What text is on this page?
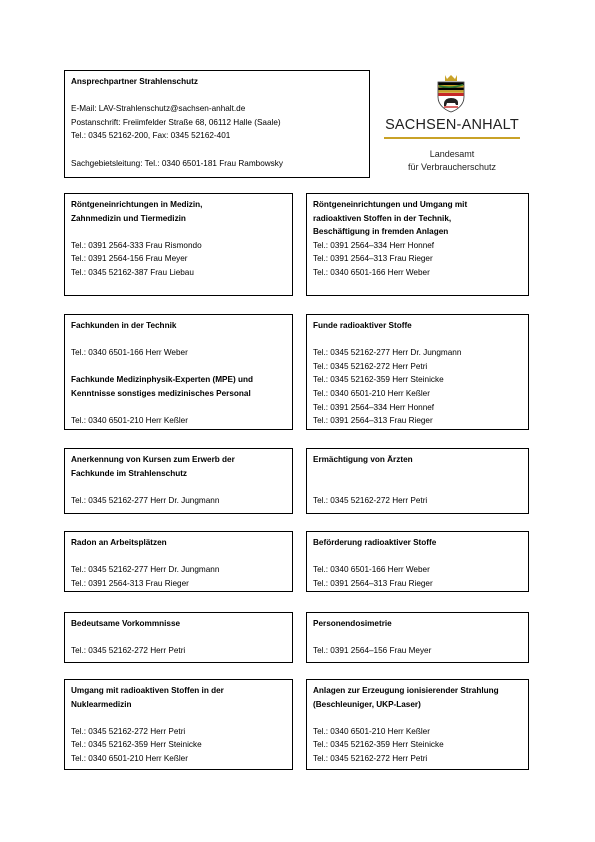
Ansprechpartner Strahlenschutz
E-Mail: LAV-Strahlenschutz@sachsen-anhalt.de
Postanschrift: Freiimfelder Straße 68, 06112 Halle (Saale)
Tel.: 0345 52162-200, Fax: 0345 52162-401
Sachgebietsleitung: Tel.: 0340 6501-181 Frau Rambowsky
SACHSEN-ANHALT
Landesamt
für Verbraucherschutz
Röntgeneinrichtungen in Medizin,
Zahnmedizin und Tiermedizin
Tel.: 0391 2564-333 Frau Rismondo
Tel.: 0391 2564-156 Frau Meyer
Tel.: 0345 52162-387 Frau Liebau
Röntgeneinrichtungen und Umgang mit
radioaktiven Stoffen in der Technik,
Beschäftigung in fremden Anlagen
Tel.: 0391 2564–334 Herr Honnef
Tel.: 0391 2564–313 Frau Rieger
Tel.: 0340 6501-166 Herr Weber
Fachkunden in der Technik
Tel.: 0340 6501-166 Herr Weber
Fachkunde Medizinphysik-Experten (MPE) und
Kenntnisse sonstiges medizinisches Personal
Tel.: 0340 6501-210 Herr Keßler
Funde radioaktiver Stoffe
Tel.: 0345 52162-277 Herr Dr. Jungmann
Tel.: 0345 52162-272 Herr Petri
Tel.: 0345 52162-359 Herr Steinicke
Tel.: 0340 6501-210 Herr Keßler
Tel.: 0391 2564–334 Herr Honnef
Tel.: 0391 2564–313 Frau Rieger
Anerkennung von Kursen zum Erwerb der
Fachkunde im Strahlenschutz
Tel.: 0345 52162-277 Herr Dr. Jungmann
Ermächtigung von Ärzten
Tel.: 0345 52162-272 Herr Petri
Radon an Arbeitsplätzen
Tel.: 0345 52162-277 Herr Dr. Jungmann
Tel.: 0391 2564-313 Frau Rieger
Beförderung radioaktiver Stoffe
Tel.: 0340 6501-166 Herr Weber
Tel.: 0391 2564–313 Frau Rieger
Bedeutsame Vorkommnisse
Tel.: 0345 52162-272 Herr Petri
Personendosimetrie
Tel.: 0391 2564–156 Frau Meyer
Umgang mit radioaktiven Stoffen in der
Nuklearmedizin
Tel.: 0345 52162-272 Herr Petri
Tel.: 0345 52162-359 Herr Steinicke
Tel.: 0340 6501-210 Herr Keßler
Anlagen zur Erzeugung ionisierender Strahlung
(Beschleuniger, UKP-Laser)
Tel.: 0340 6501-210 Herr Keßler
Tel.: 0345 52162-359 Herr Steinicke
Tel.: 0345 52162-272 Herr Petri
